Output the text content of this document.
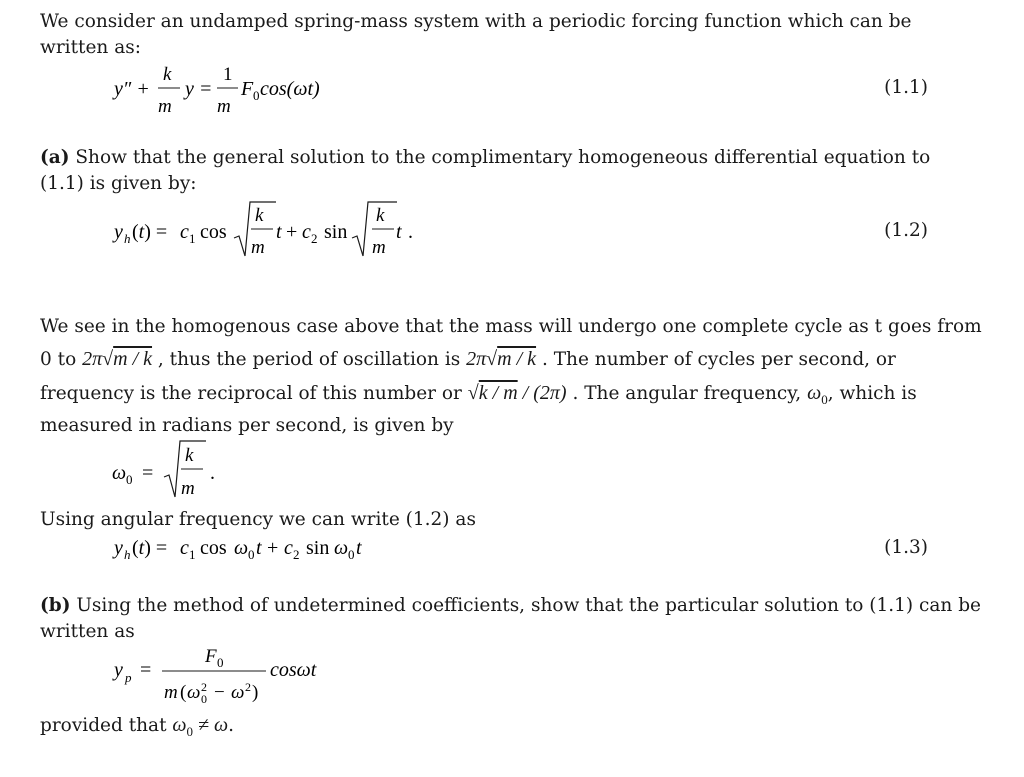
We consider an undamped spring-mass system with a periodic forcing function which can be
written as:
y″ +
k
m
y =
1
m
F 0 cos(ωt)	(1.1)
(a) Show that the general solution to the complimentary homogeneous differential equation to
(1.1) is given by:
y h (t) = c 1 cos
k
m
t + c 2 sin
k
m
t .	(1.2)
We see in the homogenous case above that the mass will undergo one complete cycle as t goes from
0 to 2π√m / k , thus the period of oscillation is 2π√m / k . The number of cycles per second, or
frequency is the reciprocal of this number or √k / m / (2π) . The angular frequency, $\omega_0$, which is
measured in radians per second, is given by
ω 0 =
k
m
.
Using angular frequency we can write (1.2) as
y h (t) = c 1 cos ω 0 t + c 2 sin ω 0 t	(1.3)
(b) Using the method of undetermined coefficients, show that the particular solution to (1.1) can be
written as
y p =
F 0
m ( ω 2
0 − ω 2 )
cosωt
provided that $\omega_0 \ne \omega$.
